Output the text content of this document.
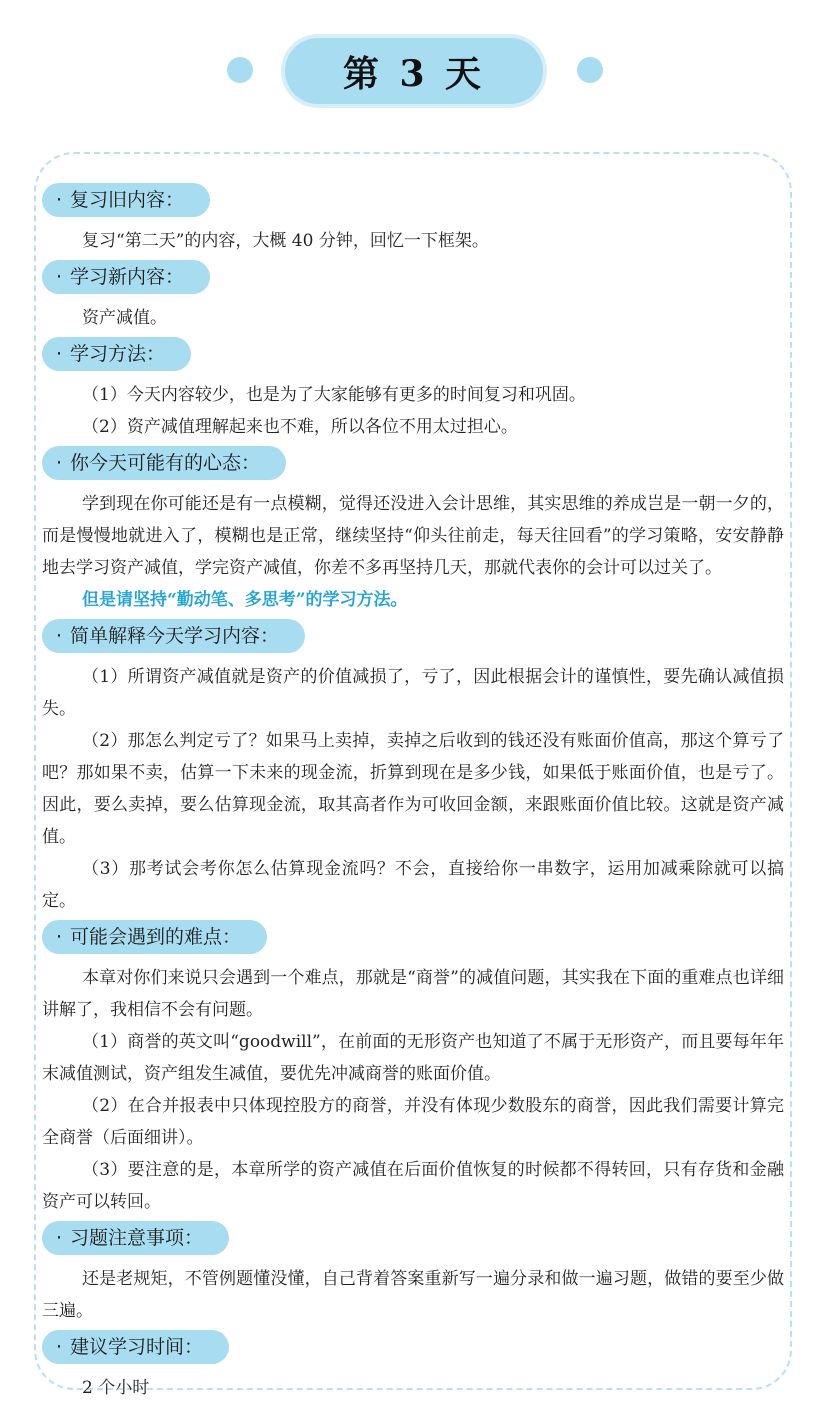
第 3 天
· 复习旧内容：

复习“第二天”的内容，大概 40 分钟，回忆一下框架。

· 学习新内容：

资产减值。

· 学习方法：

（1）今天内容较少，也是为了大家能够有更多的时间复习和巩固。

（2）资产减值理解起来也不难，所以各位不用太过担心。

· 你今天可能有的心态：

学到现在你可能还是有一点模糊，觉得还没进入会计思维，其实思维的养成岂是一朝一夕的，而是慢慢地就进入了，模糊也是正常，继续坚持“仰头往前走，每天往回看”的学习策略，安安静静地去学习资产减值，学完资产减值，你差不多再坚持几天，那就代表你的会计可以过关了。

但是请坚持“勤动笔、多思考”的学习方法。

· 简单解释今天学习内容：

（1）所谓资产减值就是资产的价值减损了，亏了，因此根据会计的谨慎性，要先确认减值损失。

（2）那怎么判定亏了？如果马上卖掉，卖掉之后收到的钱还没有账面价值高，那这个算亏了吧？那如果不卖，估算一下未来的现金流，折算到现在是多少钱，如果低于账面价值，也是亏了。因此，要么卖掉，要么估算现金流，取其高者作为可收回金额，来跟账面价值比较。这就是资产减值。

（3）那考试会考你怎么估算现金流吗？不会，直接给你一串数字，运用加减乘除就可以搞定。

· 可能会遇到的难点：

本章对你们来说只会遇到一个难点，那就是“商誉”的减值问题，其实我在下面的重难点也详细讲解了，我相信不会有问题。

（1）商誉的英文叫“goodwill”，在前面的无形资产也知道了不属于无形资产，而且要每年年末减值测试，资产组发生减值，要优先冲减商誉的账面价值。

（2）在合并报表中只体现控股方的商誉，并没有体现少数股东的商誉，因此我们需要计算完全商誉（后面细讲）。

（3）要注意的是，本章所学的资产减值在后面价值恢复的时候都不得转回，只有存货和金融资产可以转回。

· 习题注意事项：

还是老规矩，不管例题懂没懂，自己背着答案重新写一遍分录和做一遍习题，做错的要至少做三遍。

· 建议学习时间：

2 个小时
